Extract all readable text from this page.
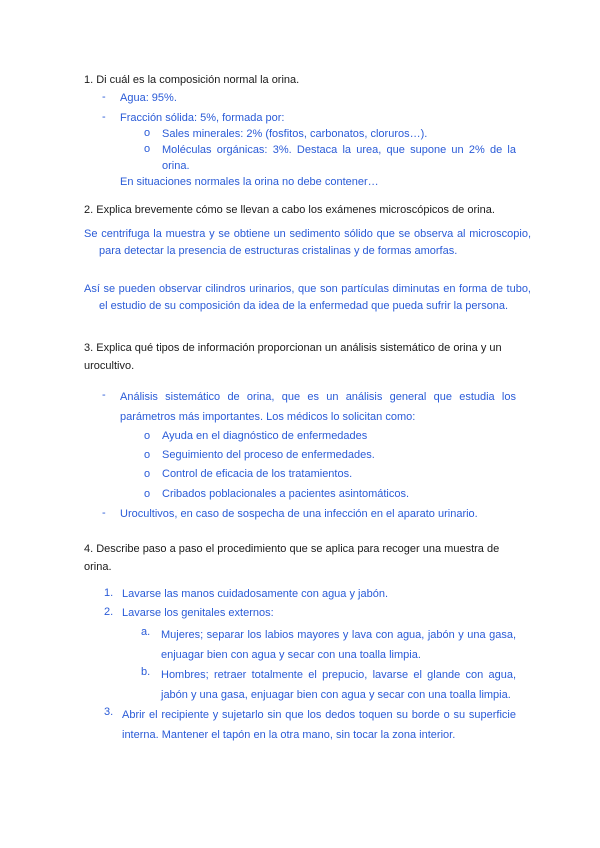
1. Di cuál es la composición normal la orina.
- Agua: 95%.
- Fracción sólida: 5%, formada por:
o Sales minerales: 2% (fosfitos, carbonatos, cloruros…).
o Moléculas orgánicas: 3%. Destaca la urea, que supone un 2% de la orina.
En situaciones normales la orina no debe contener…
2. Explica brevemente cómo se llevan a cabo los exámenes microscópicos de orina.
Se centrifuga la muestra y se obtiene un sedimento sólido que se observa al microscopio, para detectar la presencia de estructuras cristalinas y de formas amorfas.
Así se pueden observar cilindros urinarios, que son partículas diminutas en forma de tubo, el estudio de su composición da idea de la enfermedad que pueda sufrir la persona.
3. Explica qué tipos de información proporcionan un análisis sistemático de orina y un urocultivo.
- Análisis sistemático de orina, que es un análisis general que estudia los parámetros más importantes. Los médicos lo solicitan como:
o Ayuda en el diagnóstico de enfermedades
o Seguimiento del proceso de enfermedades.
o Control de eficacia de los tratamientos.
o Cribados poblacionales a pacientes asintomáticos.
- Urocultivos, en caso de sospecha de una infección en el aparato urinario.
4. Describe paso a paso el procedimiento que se aplica para recoger una muestra de orina.
1. Lavarse las manos cuidadosamente con agua y jabón.
2. Lavarse los genitales externos:
a. Mujeres; separar los labios mayores y lava con agua, jabón y una gasa, enjuagar bien con agua y secar con una toalla limpia.
b. Hombres; retraer totalmente el prepucio, lavarse el glande con agua, jabón y una gasa, enjuagar bien con agua y secar con una toalla limpia.
3. Abrir el recipiente y sujetarlo sin que los dedos toquen su borde o su superficie interna. Mantener el tapón en la otra mano, sin tocar la zona interior.
